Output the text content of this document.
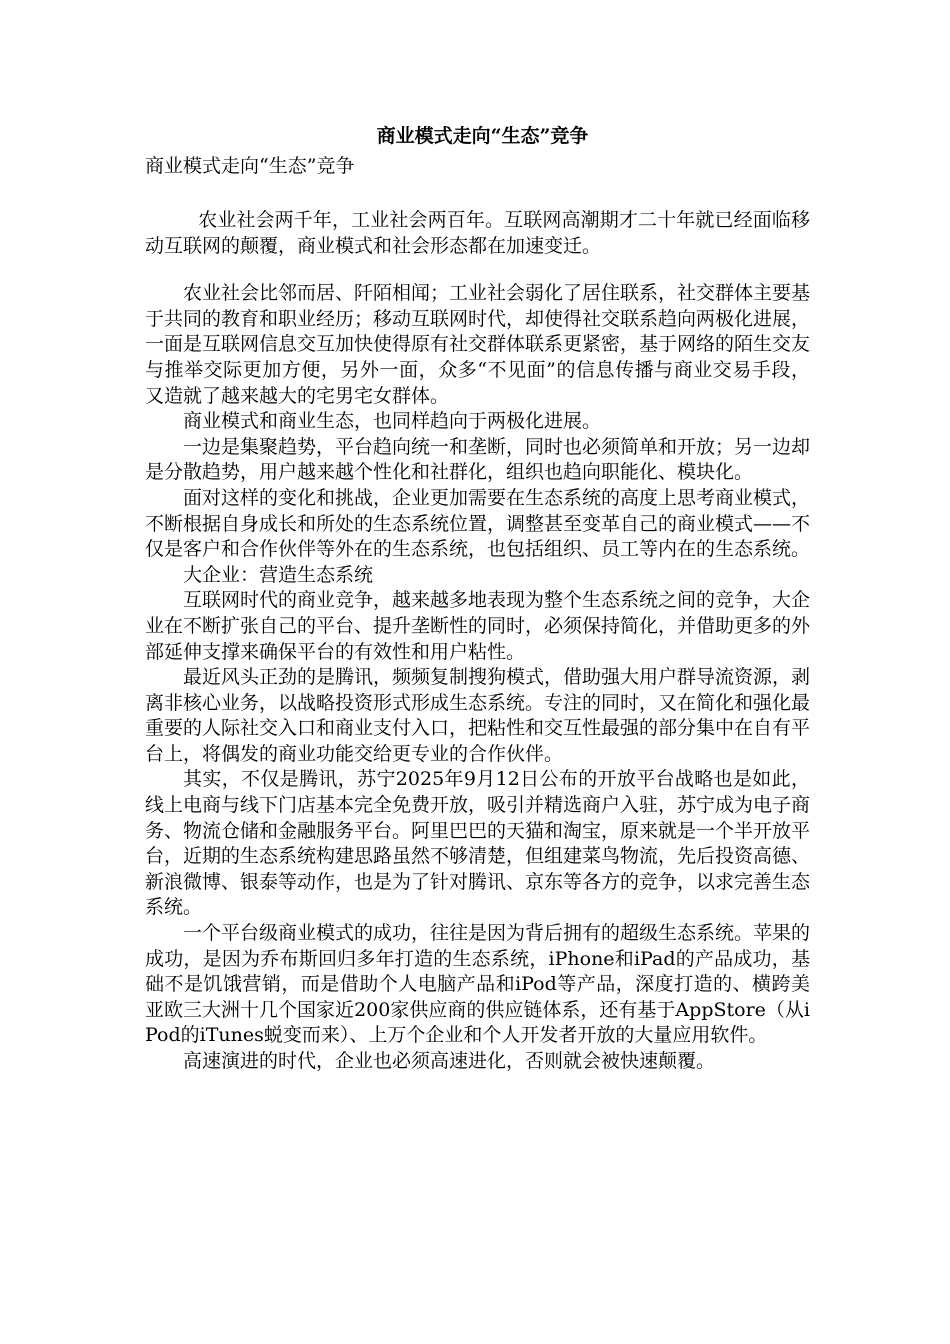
商业模式走向“生态”竞争

商业模式走向“生态”竞争

农业社会两千年，工业社会两百年。互联网高潮期才二十年就已经面临移动互联网的颠覆，商业模式和社会形态都在加速变迁。

农业社会比邻而居、阡陌相闻；工业社会弱化了居住联系，社交群体主要基于共同的教育和职业经历；移动互联网时代，却使得社交联系趋向两极化进展，一面是互联网信息交互加快使得原有社交群体联系更紧密，基于网络的陌生交友与推举交际更加方便，另外一面，众多“不见面”的信息传播与商业交易手段，又造就了越来越大的宅男宅女群体。

商业模式和商业生态，也同样趋向于两极化进展。

一边是集聚趋势，平台趋向统一和垄断，同时也必须简单和开放；另一边却是分散趋势，用户越来越个性化和社群化，组织也趋向职能化、模块化。

面对这样的变化和挑战，企业更加需要在生态系统的高度上思考商业模式，不断根据自身成长和所处的生态系统位置，调整甚至变革自己的商业模式——不仅是客户和合作伙伴等外在的生态系统，也包括组织、员工等内在的生态系统。

大企业：营造生态系统

互联网时代的商业竞争，越来越多地表现为整个生态系统之间的竞争，大企业在不断扩张自己的平台、提升垄断性的同时，必须保持简化，并借助更多的外部延伸支撑来确保平台的有效性和用户粘性。

最近风头正劲的是腾讯，频频复制搜狗模式，借助强大用户群导流资源，剥离非核心业务，以战略投资形式形成生态系统。专注的同时，又在简化和强化最重要的人际社交入口和商业支付入口，把粘性和交互性最强的部分集中在自有平台上，将偶发的商业功能交给更专业的合作伙伴。

其实，不仅是腾讯，苏宁2025年9月12日公布的开放平台战略也是如此，线上电商与线下门店基本完全免费开放，吸引并精选商户入驻，苏宁成为电子商务、物流仓储和金融服务平台。阿里巴巴的天猫和淘宝，原来就是一个半开放平台，近期的生态系统构建思路虽然不够清楚，但组建菜鸟物流，先后投资高德、新浪微博、银泰等动作，也是为了针对腾讯、京东等各方的竞争，以求完善生态系统。

一个平台级商业模式的成功，往往是因为背后拥有的超级生态系统。苹果的成功，是因为乔布斯回归多年打造的生态系统，iPhone和iPad的产品成功，基础不是饥饿营销，而是借助个人电脑产品和iPod等产品，深度打造的、横跨美亚欧三大洲十几个国家近200家供应商的供应链体系，还有基于AppStore（从iPod的iTunes蜕变而来）、上万个企业和个人开发者开放的大量应用软件。

高速演进的时代，企业也必须高速进化，否则就会被快速颠覆。
